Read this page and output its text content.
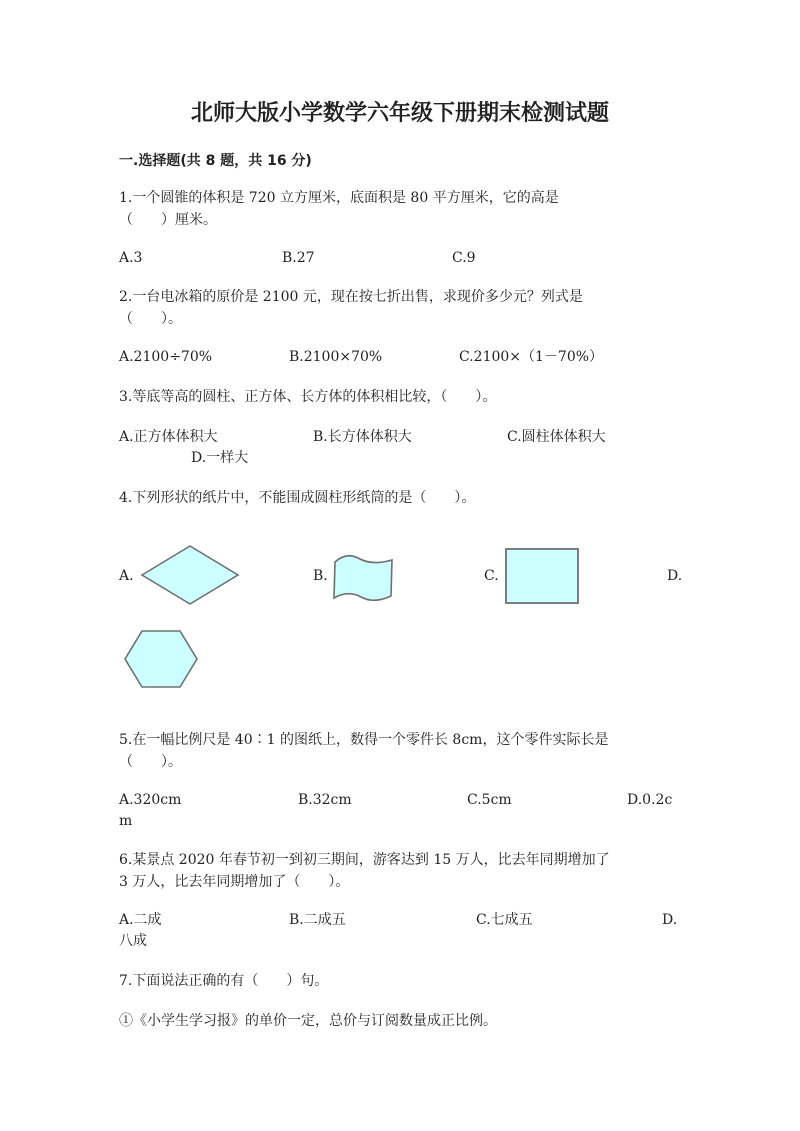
北师大版小学数学六年级下册期末检测试题

一.选择题(共 8 题，共 16 分)

1.一个圆锥的体积是 720 立方厘米，底面积是 80 平方厘米，它的高是
（　　）厘米。

A.3	B.27	C.9

2.一台电冰箱的原价是 2100 元，现在按七折出售，求现价多少元？列式是
（　　）。

A.2100÷70%	B.2100×70%	C.2100×（1－70%）

3.等底等高的圆柱、正方体、长方体的体积相比较，（　　）。

A.正方体体积大	B.长方体体积大	C.圆柱体体积大

D.一样大

4.下列形状的纸片中，不能围成圆柱形纸筒的是（　　）。

A.	B.	C.	D.

5.在一幅比例尺是 40∶1 的图纸上，数得一个零件长 8cm，这个零件实际长是
（　　）。

A.320cm	B.32cm	C.5cm	D.0.2c

m

6.某景点 2020 年春节初一到初三期间，游客达到 15 万人，比去年同期增加了
3 万人，比去年同期增加了（　　）。

A.二成	B.二成五	C.七成五	D.

八成

7.下面说法正确的有（　　）句。

①《小学生学习报》的单价一定，总价与订阅数量成正比例。
